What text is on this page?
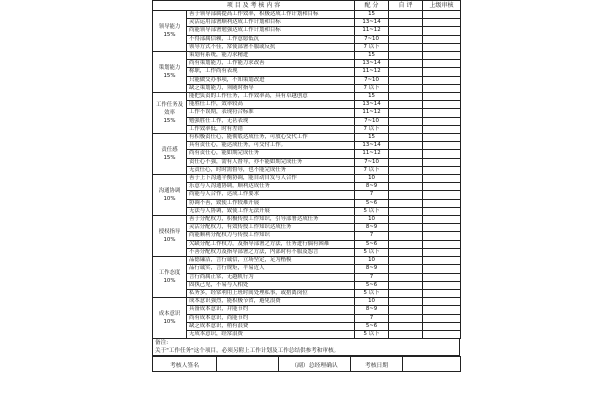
项 目 及 考 核 内 容		配 分	自 评	上级审核

领导能力
15%	善于领导部属提高工作效率，积极达成工作计划和目标	15		
	灵活运用部署顺利达成工作计划和目标	13~14		
	尚能领导部署勉强达成工作计划和目标	11~12		
	不得部属信赖，工作意愿低沉	7~10		
	领导方式不佳，常使部署不服或反抗	7 以下		

策划能力
15%	策划有系统，能力求精进	15		
	尚有策划能力，工作能力求改善	13~14		
	称职，工作尚有表现	11~12		
	只能做交办事项，不知策划改进	7~10		
	缺乏策划能力，须随时指导	7 以下		

工作任务及效率
15%	能把负责的工作任务，工作效率高，具有卓越创意	15		
	能胜任工作，效率较高	13~14		
	工作不误期，表现符合标准	11~12		
	勉强胜任工作，无甚表现	7~10		
	工作效率低，时有差错	7 以下		

责任感
15%	有积极责任心，能彻底达成任务，可放心交代工作	15		
	具有责任心，能达成任务，可交付工作。	13~14		
	尚有责任心，能如期完成任务	11~12		
	责任心不强，需有人督导，亦不能如期完成任务	7~10		
	无责任心，时时需督导，也不能完成任务	7 以下		

沟通协调
10%	善于上下沟通平衡协调，能自动自发与人合作	10		
	乐意与人沟通协调，顺利达成任务	8~9		
	尚能与人合作，达成工作要求	7		
	协调不善，致使工作较难开展	5~6		
	无法与人协调，致使工作无法开展	5 以下		

授权指导
10%	善于分配权力，积极传授工作知识，引导部署达成任务	10		
	灵活分配权力，有效传授工作知识达成任务	8~9		
	尚能顺利分配权力与传授工作知识	7		
	欠缺分配工作权力，及指导部署之方法，任务进行偶有困难	5~6		
	不善分配权力及指导部署之方法，内部时有不服及怨言	5 以下		

工作态度
10%	品德廉洁，言行诚信，立场坚定，足为楷模	10		
	品行诚实，言行规矩，平易近人	8~9		
	言行尚属正常，无越轨行为	7		
	固执己见，不易与人相处	5~6		
	私务多，经常利用上班时间处理私事，或措离岗位	5 以下		

成本意识
10%	成本意识强烈，能积极节省，避免浪费	10		
	具备成本意识，并能节约	8~9		
	尚有成本意识，尚能节约	7		
	缺乏成本意识，稍有浪费	5~6		
	无成本意识，经常浪费	5 以下		
备注:
关于"工作任务"这个项目，必须另附上工作计划及工作总结供参考和审核。
考核人签名		（副）总经理确认	考核日期	
